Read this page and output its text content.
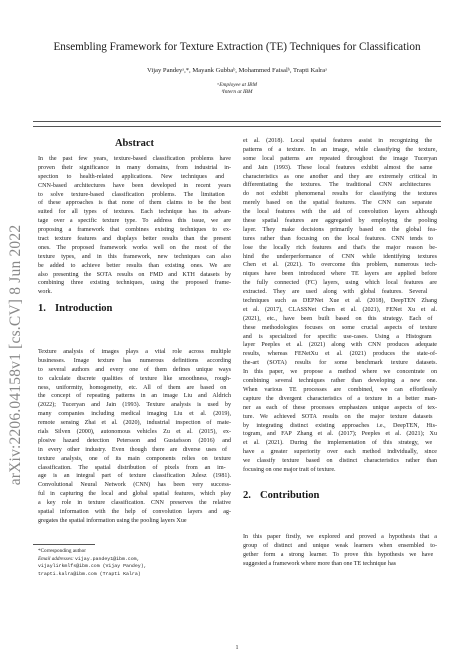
Ensembling Framework for Texture Extraction (TE) Techniques for Classification
Vijay Pandeyᵃ,*, Mayank Gubbaᵇ, Mohammed Faisalᵇ, Trapti Kalraᵃ
ᵃEmployee at IBM
ᵇIntern at IBM
arXiv:2206.04158v1 [cs.CV] 8 Jun 2022
Abstract
In the past few years, texture-based classification problems have
proven their significance in many domains, from industrial in-
spection to health-related applications. New techniques and
CNN-based architectures have been developed in recent years
to solve texture-based classification problems. The limitation
of these approaches is that none of them claims to be the best
suited for all types of textures. Each technique has its advan-
tage over a specific texture type. To address this issue, we are
proposing a framework that combines existing techniques to ex-
tract texture features and displays better results than the present
ones. The proposed framework works well on the most of the
texture types, and in this framework, new techniques can also
be added to achieve better results than existing ones. We are
also presenting the SOTA results on FMD and KTH datasets by
combining three existing techniques, using the proposed frame-
work.
1. Introduction
Texture analysis of images plays a vital role across multiple
businesses. Image texture has numerous definitions according
to several authors and every one of them defines unique ways
to calculate discrete qualities of texture like smoothness, rough-
ness, uniformity, homogeneity, etc. All of them are based on
the concept of repeating patterns in an image Liu and Aldrich
(2022); Tuceryan and Jain (1993). Texture analysis is used by
many companies including medical imaging Liu et al. (2019),
remote sensing Zhai et al. (2020), industrial inspection of mate-
rials Silven (2000), autonomous vehicles Zu et al. (2015), ex-
plosive hazard detection Petersson and Gustafsson (2016) and
in every other industry. Even though there are diverse uses of
texture analysis, one of its main components relies on texture
classification. The spatial distribution of pixels from an im-
age is an integral part of texture classification Julesz (1981).
Convolutional Neural Network (CNN) has been very success-
ful in capturing the local and global spatial features, which play
a key role in texture classification. CNN preserves the relative
spatial information with the help of convolution layers and ag-
gregates the spatial information using the pooling layers Xue
*Corresponding author
Email addresses: vijay.pandey1@ibm.com,
vijaylirkmlfs@ibm.com (Vijay Pandey),
trapti.kalra@ibm.com (Trapti Kalra)
et al. (2018). Local spatial features assist in recognizing the
patterns of a texture. In an image, while classifying the texture,
some local patterns are repeated throughout the image Tuceryan
and Jain (1993). These local features exhibit almost the same
characteristics as one another and they are extremely critical in
differentiating the textures. The traditional CNN architectures
do not exhibit phenomenal results for classifying the textures
merely based on the spatial features. The CNN can separate
the local features with the aid of convolution layers although
these spatial features are aggregated by employing the pooling
layer. They make decisions primarily based on the global fea-
tures rather than focusing on the local features. CNN tends to
lose the locally rich features and that's the major reason be-
hind the underperformance of CNN while identifying textures
Chen et al. (2021). To overcome this problem, numerous tech-
niques have been introduced where TE layers are applied before
the fully connected (FC) layers, using which local features are
extracted. They are used along with global features. Several
techniques such as DEPNet Xue et al. (2018), DeepTEN Zhang
et al. (2017), CLASSNet Chen et al. (2021), FENet Xu et al.
(2021), etc., have been built based on this strategy. Each of
these methodologies focuses on some crucial aspects of texture
and is specialized for specific use-cases. Using a Histogram
layer Peeples et al. (2021) along with CNN produces adequate
results, whereas FENetXu et al. (2021) produces the state-of-
the-art (SOTA) results for some benchmark texture datasets.
In this paper, we propose a method where we concentrate on
combining several techniques rather than developing a new one.
When various TE processes are combined, we can effortlessly
capture the divergent characteristics of a texture in a better man-
ner as each of these processes emphasizes unique aspects of tex-
ture. We achieved SOTA results on the major texture datasets
by integrating distinct existing approaches i.e., DeepTEN, His-
togram, and FAP Zhang et al. (2017); Peeples et al. (2021); Xu
et al. (2021). During the implementation of this strategy, we
have a greater superiority over each method individually, since
we classify texture based on distinct characteristics rather than
focusing on one major trait of texture.
2. Contribution
In this paper firstly, we explored and proved a hypothesis that a
group of distinct and unique weak learners when ensembled to-
gether form a strong learner. To prove this hypothesis we have
suggested a framework where more than one TE technique has
1
